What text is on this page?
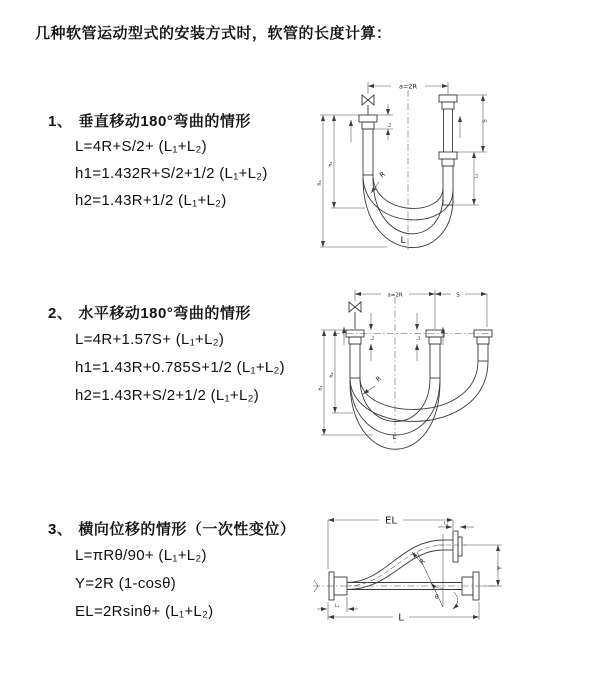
几种软管运动型式的安装方式时，软管的长度计算：
1、 垂直移动180°弯曲的情形
L=4R+S/2+ (L₁+L₂)
h1=1.432R+S/2+1/2 (L₁+L₂)
h2=1.43R+1/2 (L₁+L₂)
a=2R
L₁
S
L₂
h₂
h₁
R
L
2、 水平移动180°弯曲的情形
L=4R+1.57S+ (L₁+L₂)
h1=1.43R+0.785S+1/2 (L₁+L₂)
h2=1.43R+S/2+1/2 (L₁+L₂)
a=2R	S
L₁	L₂
h₂
h₁
R
L
3、 横向位移的情形（一次性变位）
L=πRθ/90+ (L₁+L₂)
Y=2R (1-cosθ)
EL=2Rsinθ+ (L₁+L₂)
EL	L₁
Y
θ
R
L
L₁
